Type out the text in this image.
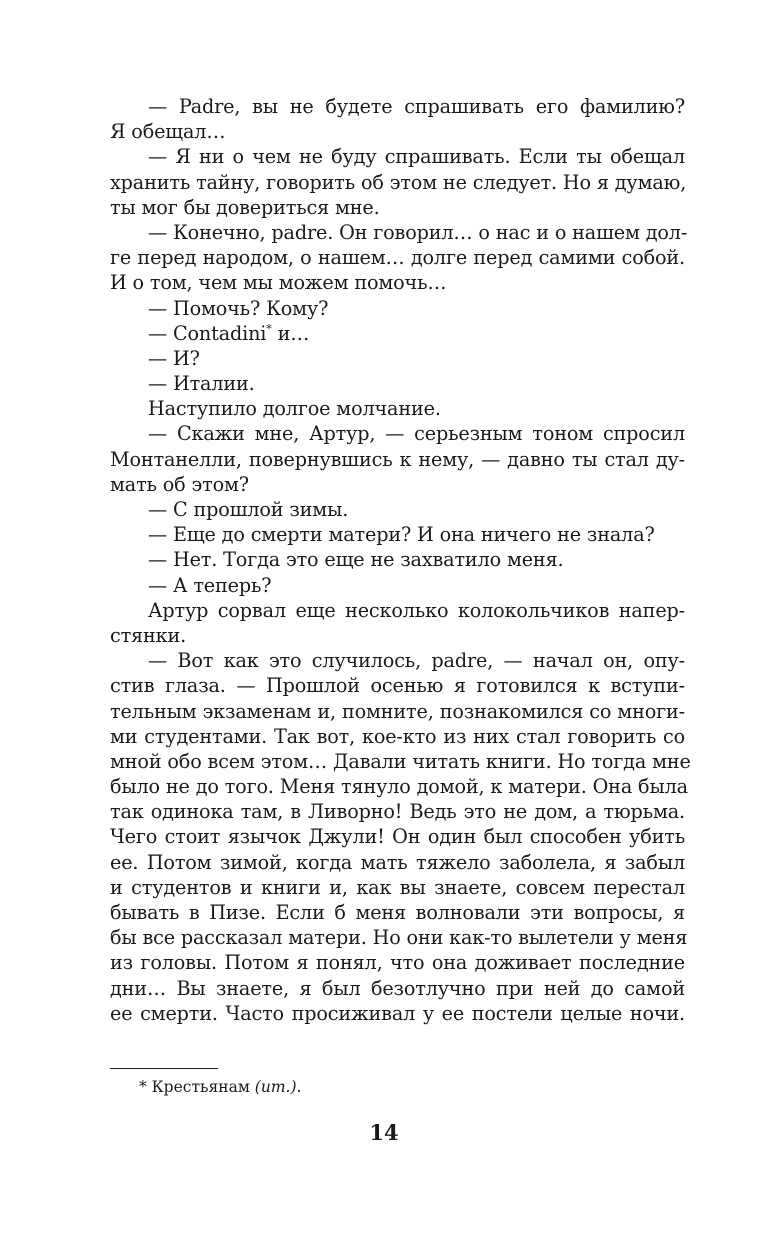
— Padre, вы не будете спрашивать его фамилию?
Я обещал…
— Я ни о чем не буду спрашивать. Если ты обещал
хранить тайну, говорить об этом не следует. Но я думаю,
ты мог бы довериться мне.
— Конечно, padre. Он говорил… о нас и о нашем дол-
ге перед народом, о нашем… долге перед самими собой.
И о том, чем мы можем помочь…
— Помочь? Кому?
— Contadini* и…
— И?
— Италии.
Наступило долгое молчание.
— Скажи мне, Артур, — серьезным тоном спросил
Монтанелли, повернувшись к нему, — давно ты стал ду-
мать об этом?
— С прошлой зимы.
— Еще до смерти матери? И она ничего не знала?
— Нет. Тогда это еще не захватило меня.
— А теперь?
Артур сорвал еще несколько колокольчиков напер-
стянки.
— Вот как это случилось, padre, — начал он, опу-
стив глаза. — Прошлой осенью я готовился к вступи-
тельным экзаменам и, помните, познакомился со многи-
ми студентами. Так вот, кое-кто из них стал говорить со
мной обо всем этом… Давали читать книги. Но тогда мне
было не до того. Меня тянуло домой, к матери. Она была
так одинока там, в Ливорно! Ведь это не дом, а тюрьма.
Чего стоит язычок Джули! Он один был способен убить
ее. Потом зимой, когда мать тяжело заболела, я забыл
и студентов и книги и, как вы знаете, совсем перестал
бывать в Пизе. Если б меня волновали эти вопросы, я
бы все рассказал матери. Но они как-то вылетели у меня
из головы. Потом я понял, что она доживает последние
дни… Вы знаете, я был безотлучно при ней до самой
ее смерти. Часто просиживал у ее постели целые ночи.
* Крестьянам (ит.).
14
